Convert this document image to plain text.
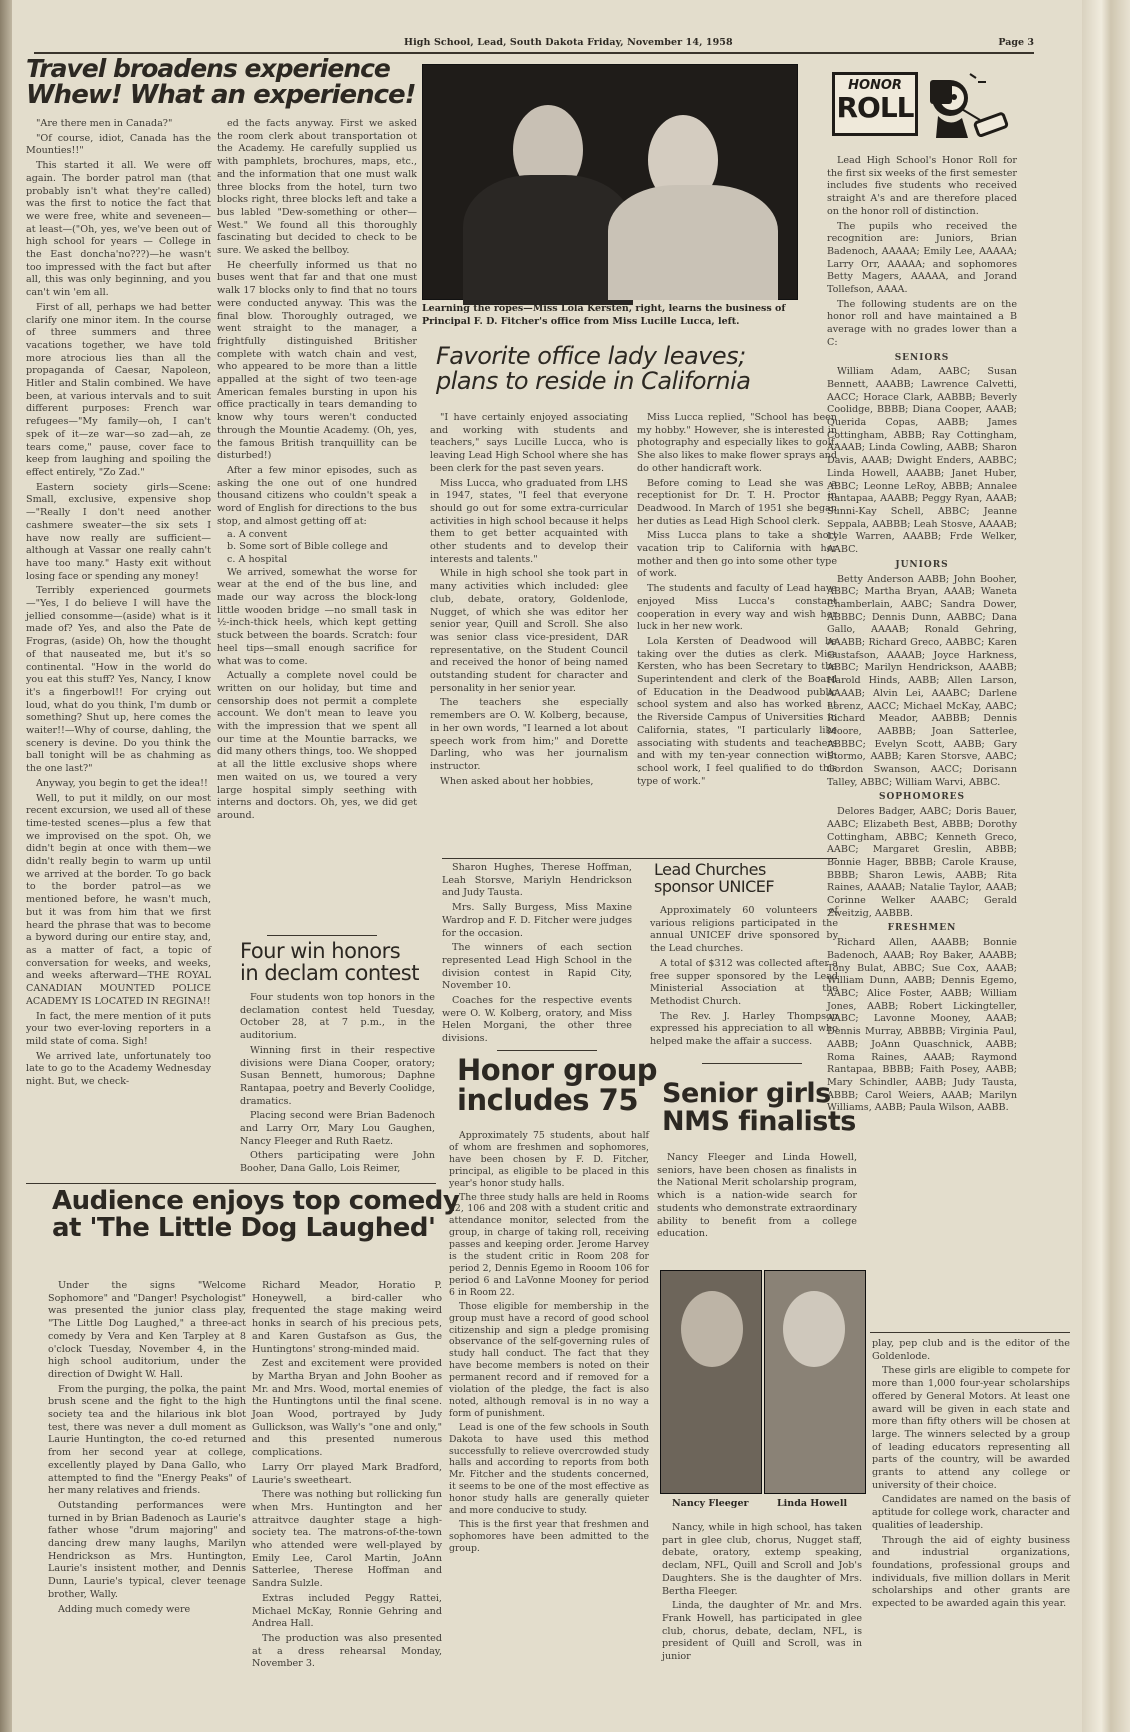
High School, Lead, South Dakota Friday, November 14, 1958	Page 3
Travel broadens experience
Whew! What an experience!

"Are there men in Canada?"

"Of course, idiot, Canada has the Mounties!!"

This started it all. We were off again. The border patrol man (that probably isn't what they're called) was the first to notice the fact that we were free, white and seveneen—at least—("Oh, yes, we've been out of high school for years — College in the East doncha'no???)—he wasn't too impressed with the fact but after all, this was only beginning, and you can't win 'em all.

First of all, perhaps we had better clarify one minor item. In the course of three summers and three vacations together, we have told more atrocious lies than all the propaganda of Caesar, Napoleon, Hitler and Stalin combined. We have been, at various intervals and to suit different purposes: French war refugees—"My family—oh, I can't spek of it—ze war—so zad—ah, ze tears come," pause, cover face to keep from laughing and spoiling the effect entirely, "Zo Zad."

Eastern society girls—Scene: Small, exclusive, expensive shop—"Really I don't need another cashmere sweater—the six sets I have now really are sufficient—although at Vassar one really cahn't have too many." Hasty exit without losing face or spending any money!

Terribly experienced gourmets —"Yes, I do believe I will have the jellied consomme—(aside) what is it made of? Yes, and also the Pate de Frogras, (aside) Oh, how the thought of that nauseated me, but it's so continental. "How in the world do you eat this stuff? Yes, Nancy, I know it's a fingerbowl!! For crying out loud, what do you think, I'm dumb or something? Shut up, here comes the waiter!!—Why of course, dahling, the scenery is devine. Do you think the ball tonight will be as chahming as the one last?"

Anyway, you begin to get the idea!!

Well, to put it mildly, on our most recent excursion, we used all of these time-tested scenes—plus a few that we improvised on the spot. Oh, we didn't begin at once with them—we didn't really begin to warm up until we arrived at the border. To go back to the border patrol—as we mentioned before, he wasn't much, but it was from him that we first heard the phrase that was to become a byword during our entire stay, and, as a matter of fact, a topic of conversation for weeks, and weeks, and weeks afterward—THE ROYAL CANADIAN MOUNTED POLICE ACADEMY IS LOCATED IN REGINA!!

In fact, the mere mention of it puts your two ever-loving reporters in a mild state of coma. Sigh!

We arrived late, unfortunately too late to go to the Academy Wednesday night. But, we check-

ed the facts anyway. First we asked the room clerk about transportation ot the Academy. He carefully supplied us with pamphlets, brochures, maps, etc., and the information that one must walk three blocks from the hotel, turn two blocks right, three blocks left and take a bus labled "Dew-something or other—West." We found all this thoroughly fascinating but decided to check to be sure. We asked the bellboy.

He cheerfully informed us that no buses went that far and that one must walk 17 blocks only to find that no tours were conducted anyway. This was the final blow. Thoroughly outraged, we went straight to the manager, a frightfully distinguished Britisher complete with watch chain and vest, who appeared to be more than a little appalled at the sight of two teen-age American females bursting in upon his office practically in tears demanding to know why tours weren't conducted through the Mountie Academy. (Oh, yes, the famous British tranquillity can be disturbed!)

After a few minor episodes, such as asking the one out of one hundred thousand citizens who couldn't speak a word of English for directions to the bus stop, and almost getting off at:

a. A convent
b. Some sort of Bible college and
c. A hospital

We arrived, somewhat the worse for wear at the end of the bus line, and made our way across the block-long little wooden bridge —no small task in ½-inch-thick heels, which kept getting stuck between the boards. Scratch: four heel tips—small enough sacrifice for what was to come.

Actually a complete novel could be written on our holiday, but time and censorship does not permit a complete account. We don't mean to leave you with the impression that we spent all our time at the Mountie barracks, we did many others things, too. We shopped at all the little exclusive shops where men waited on us, we toured a very large hospital simply seething with interns and doctors. Oh, yes, we did get around.

Four win honors
in declam contest

Four students won top honors in the declamation contest held Tuesday, October 28, at 7 p.m., in the auditorium.

Winning first in their respective divisions were Diana Cooper, oratory; Susan Bennett, humorous; Daphne Rantapaa, poetry and Beverly Coolidge, dramatics.

Placing second were Brian Badenoch and Larry Orr, Mary Lou Gaughen, Nancy Fleeger and Ruth Raetz.

Others participating were John Booher, Dana Gallo, Lois Reimer,

Learning the ropes—Miss Lola Kersten, right, learns the business of Principal F. D. Fitcher's office from Miss Lucille Lucca, left.
Favorite office lady leaves;
plans to reside in California

"I have certainly enjoyed associating and working with students and teachers," says Lucille Lucca, who is leaving Lead High School where she has been clerk for the past seven years.

Miss Lucca, who graduated from LHS in 1947, states, "I feel that everyone should go out for some extra-curricular activities in high school because it helps them to get better acquainted with other students and to develop their interests and talents."

While in high school she took part in many activities which included: glee club, debate, oratory, Goldenlode, Nugget, of which she was editor her senior year, Quill and Scroll. She also was senior class vice-president, DAR representative, on the Student Council and received the honor of being named outstanding student for character and personality in her senior year.

The teachers she especially remembers are O. W. Kolberg, because, in her own words, "I learned a lot about speech work from him;" and Dorette Darling, who was her journalism instructor.

When asked about her hobbies,

Miss Lucca replied, "School has been my hobby." However, she is interested in photography and especially likes to golf. She also likes to make flower sprays and do other handicraft work.

Before coming to Lead she was a receptionist for Dr. T. H. Proctor in Deadwood. In March of 1951 she began her duties as Lead High School clerk.

Miss Lucca plans to take a short vacation trip to California with her mother and then go into some other type of work.

The students and faculty of Lead have enjoyed Miss Lucca's constant cooperation in every way and wish her luck in her new work.

Lola Kersten of Deadwood will be taking over the duties as clerk. Miss Kersten, who has been Secretary to the Superintendent and clerk of the Board of Education in the Deadwood public school system and also has worked at the Riverside Campus of Universities in California, states, "I particularly like associating with students and teachers and with my ten-year connection with school work, I feel qualified to do this type of work."

Sharon Hughes, Therese Hoffman, Leah Storsve, Mariyln Hendrickson and Judy Tausta.

Mrs. Sally Burgess, Miss Maxine Wardrop and F. D. Fitcher were judges for the occasion.

The winners of each section represented Lead High School in the division contest in Rapid City, November 10.

Coaches for the respective events were O. W. Kolberg, oratory, and Miss Helen Morgani, the other three divisions.

Lead Churches
sponsor UNICEF

Approximately 60 volunteers of various religions participated in the annual UNICEF drive sponsored by the Lead churches.

A total of $312 was collected after a free supper sponsored by the Lead Ministerial Association at the Methodist Church.

The Rev. J. Harley Thompson expressed his appreciation to all who helped make the affair a success.

Honor group
includes 75

Approximately 75 students, about half of whom are freshmen and sophomores, have been chosen by F. D. Fitcher, principal, as eligible to be placed in this year's honor study halls.

The three study halls are held in Rooms 22, 106 and 208 with a student critic and attendance monitor, selected from the group, in charge of taking roll, receiving passes and keeping order. Jerome Harvey is the student critic in Room 208 for period 2, Dennis Egemo in Rooom 106 for period 6 and LaVonne Mooney for period 6 in Room 22.

Those eligible for membership in the group must have a record of good school citizenship and sign a pledge promising observance of the self-governing rules of study hall conduct. The fact that they have become members is noted on their permanent record and if removed for a violation of the pledge, the fact is also noted, although removal is in no way a form of punishment.

Lead is one of the few schools in South Dakota to have used this method successfully to relieve overcrowded study halls and according to reports from both Mr. Fitcher and the students concerned, it seems to be one of the most effective as honor study halls are generally quieter and more conducive to study.

This is the first year that freshmen and sophomores have been admitted to the group.

Senior girls
NMS finalists

Nancy Fleeger and Linda Howell, seniors, have been chosen as finalists in the National Merit scholarship program, which is a nation-wide search for students who demonstrate extraordinary ability to benefit from a college education.

Nancy Fleeger	Linda Howell

Nancy, while in high school, has taken part in glee club, chorus, Nugget staff, debate, oratory, extemp speaking, declam, NFL, Quill and Scroll and Job's Daughters. She is the daughter of Mrs. Bertha Fleeger.

Linda, the daughter of Mr. and Mrs. Frank Howell, has participated in glee club, chorus, debate, declam, NFL, is president of Quill and Scroll, was in junior

Audience enjoys top comedy
at 'The Little Dog Laughed'

Under the signs "Welcome Sophomore" and "Danger! Psychologist" was presented the junior class play, "The Little Dog Laughed," a three-act comedy by Vera and Ken Tarpley at 8 o'clock Tuesday, November 4, in the high school auditorium, under the direction of Dwight W. Hall.

From the purging, the polka, the paint brush scene and the fight to the high society tea and the hilarious ink blot test, there was never a dull moment as Laurie Huntington, the co-ed returned from her second year at college, excellently played by Dana Gallo, who attempted to find the "Energy Peaks" of her many relatives and friends.

Outstanding performances were turned in by Brian Badenoch as Laurie's father whose "drum majoring" and dancing drew many laughs, Marilyn Hendrickson as Mrs. Huntington, Laurie's insistent mother, and Dennis Dunn, Laurie's typical, clever teenage brother, Wally.

Adding much comedy were

Richard Meador, Horatio P. Honeywell, a bird-caller who frequented the stage making weird honks in search of his precious pets, and Karen Gustafson as Gus, the Huntingtons' strong-minded maid.

Zest and excitement were provided by Martha Bryan and John Booher as Mr. and Mrs. Wood, mortal enemies of the Huntingtons until the final scene. Joan Wood, portrayed by Judy Gullickson, was Wally's "one and only," and this presented numerous complications.

Larry Orr played Mark Bradford, Laurie's sweetheart.

There was nothing but rollicking fun when Mrs. Huntington and her attraitvce daughter stage a high-society tea. The matrons-of-the-town who attended were well-played by Emily Lee, Carol Martin, JoAnn Satterlee, Therese Hoffman and Sandra Sulzle.

Extras included Peggy Rattei, Michael McKay, Ronnie Gehring and Andrea Hall.

The production was also presented at a dress rehearsal Monday, November 3.

HONOR
ROLL

Lead High School's Honor Roll for the first six weeks of the first semester includes five students who received straight A's and are therefore placed on the honor roll of distinction.

The pupils who received the recognition are: Juniors, Brian Badenoch, AAAAA; Emily Lee, AAAAA; Larry Orr, AAAAA; and sophomores Betty Magers, AAAAA, and Jorand Tollefson, AAAA.

The following students are on the honor roll and have maintained a B average with no grades lower than a C:

SENIORS

William Adam, AABC; Susan Bennett, AAABB; Lawrence Calvetti, AACC; Horace Clark, AABBB; Beverly Coolidge, BBBB; Diana Cooper, AAAB; Querida Copas, AABB; James Cottingham, ABBB; Ray Cottingham, AAAAB; Linda Cowling, AABB; Sharon Davis, AAAB; Dwight Enders, AABBC; Linda Howell, AAABB; Janet Huber, ABBC; Leonne LeRoy, ABBB; Annalee Rantapaa, AAABB; Peggy Ryan, AAAB; Sunni-Kay Schell, ABBC; Jeanne Seppala, AABBB; Leah Stosve, AAAAB; Lyle Warren, AAABB; Frde Welker, AABC.

JUNIORS

Betty Anderson AABB; John Booher, ABBC; Martha Bryan, AAAB; Waneta Chamberlain, AABC; Sandra Dower, ABBBC; Dennis Dunn, AABBC; Dana Gallo, AAAAB; Ronald Gehring, AAABB; Richard Greco, AABBC; Karen Gustafson, AAAAB; Joyce Harkness, ABBC; Marilyn Hendrickson, AAABB; Harold Hinds, AABB; Allen Larson, AAAAB; Alvin Lei, AAABC; Darlene Lorenz, AACC; Michael McKay, AABC; Richard Meador, AABBB; Dennis Moore, AABBB; Joan Satterlee, ABBBC; Evelyn Scott, AABB; Gary Stormo, AABB; Karen Storsve, AABC; Gordon Swanson, AACC; Dorisann Talley, ABBC; William Warvi, ABBC.

SOPHOMORES

Delores Badger, AABC; Doris Bauer, AABC; Elizabeth Best, ABBB; Dorothy Cottingham, ABBC; Kenneth Greco, AABC; Margaret Greslin, ABBB; Bonnie Hager, BBBB; Carole Krause, BBBB; Sharon Lewis, AABB; Rita Raines, AAAAB; Natalie Taylor, AAAB; Corinne Welker AAABC; Gerald Zweitzig, AABBB.

FRESHMEN

Richard Allen, AAABB; Bonnie Badenoch, AAAB; Roy Baker, AAABB; Tony Bulat, ABBC; Sue Cox, AAAB; William Dunn, AABB; Dennis Egemo, AABC; Alice Foster, AABB; William Jones, AABB; Robert Lickingteller, AABC; Lavonne Mooney, AAAB; Dennis Murray, ABBBB; Virginia Paul, AABB; JoAnn Quaschnick, AABB; Roma Raines, AAAB; Raymond Rantapaa, BBBB; Faith Posey, AABB; Mary Schindler, AABB; Judy Tausta, ABBB; Carol Weiers, AAAB; Marilyn Williams, AABB; Paula Wilson, AABB.

play, pep club and is the editor of the Goldenlode.

These girls are eligible to compete for more than 1,000 four-year scholarships offered by General Motors. At least one award will be given in each state and more than fifty others will be chosen at large. The winners selected by a group of leading educators representing all parts of the country, will be awarded grants to attend any college or university of their choice.

Candidates are named on the basis of aptitude for college work, character and qualities of leadership.

Through the aid of eighty business and industrial organizations, foundations, professional groups and individuals, five million dollars in Merit scholarships and other grants are expected to be awarded again this year.
